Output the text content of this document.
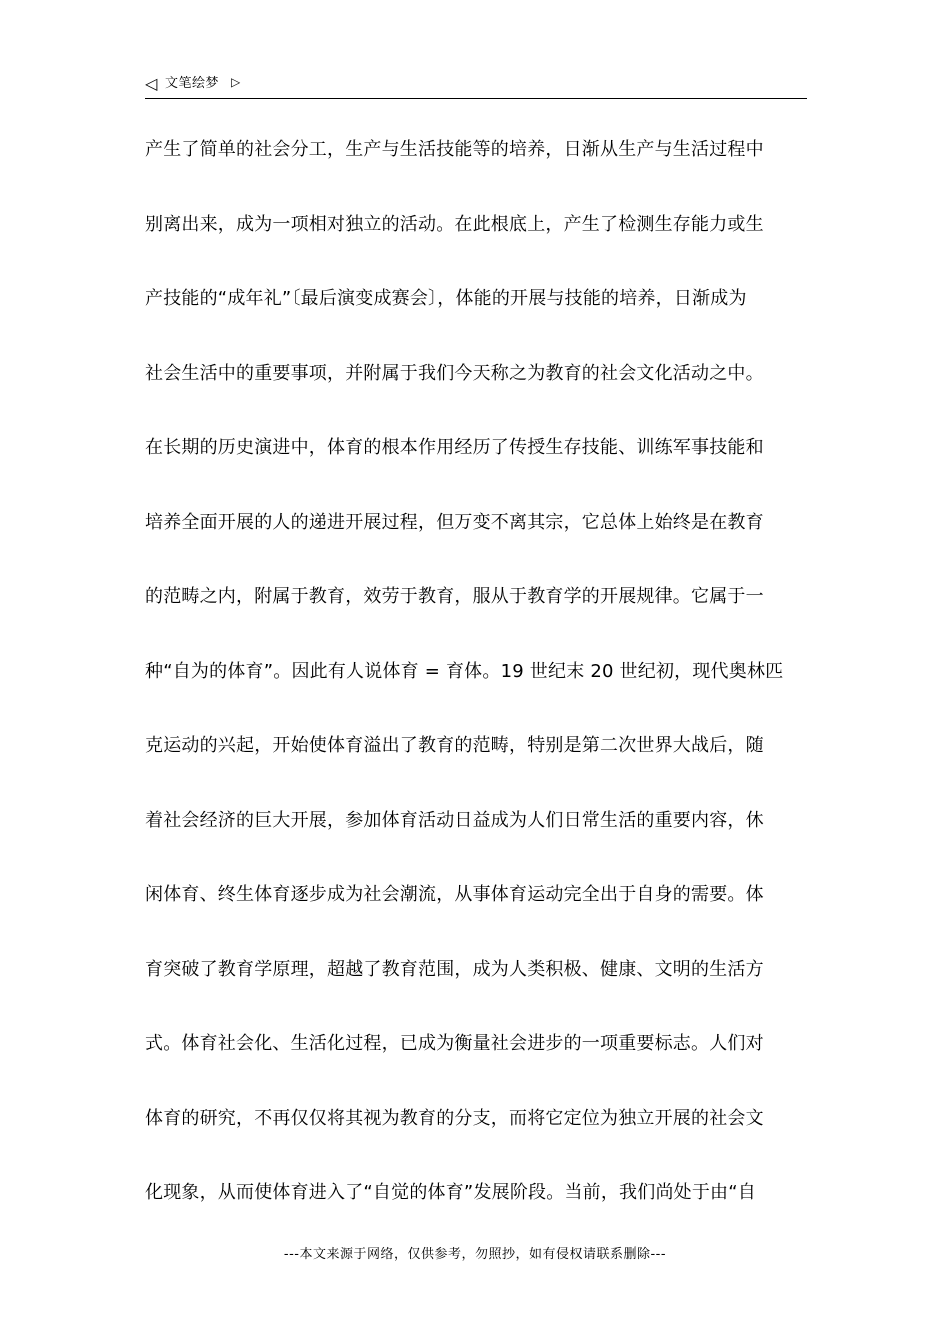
◁ 文笔绘梦 ▷
产生了简单的社会分工，生产与生活技能等的培养，日渐从生产与生活过程中
别离出来，成为一项相对独立的活动。在此根底上，产生了检测生存能力或生
产技能的“成年礼”〔最后演变成赛会〕，体能的开展与技能的培养，日渐成为
社会生活中的重要事项，并附属于我们今天称之为教育的社会文化活动之中。
在长期的历史演进中，体育的根本作用经历了传授生存技能、训练军事技能和
培养全面开展的人的递进开展过程，但万变不离其宗，它总体上始终是在教育
的范畴之内，附属于教育，效劳于教育，服从于教育学的开展规律。它属于一
种“自为的体育”。因此有人说体育 = 育体。19 世纪末 20 世纪初，现代奥林匹
克运动的兴起，开始使体育溢出了教育的范畴，特别是第二次世界大战后，随
着社会经济的巨大开展，参加体育活动日益成为人们日常生活的重要内容，休
闲体育、终生体育逐步成为社会潮流，从事体育运动完全出于自身的需要。体
育突破了教育学原理，超越了教育范围，成为人类积极、健康、文明的生活方
式。体育社会化、生活化过程，已成为衡量社会进步的一项重要标志。人们对
体育的研究，不再仅仅将其视为教育的分支，而将它定位为独立开展的社会文
化现象，从而使体育进入了“自觉的体育”发展阶段。当前，我们尚处于由“自
---本文来源于网络，仅供参考，勿照抄，如有侵权请联系删除---
